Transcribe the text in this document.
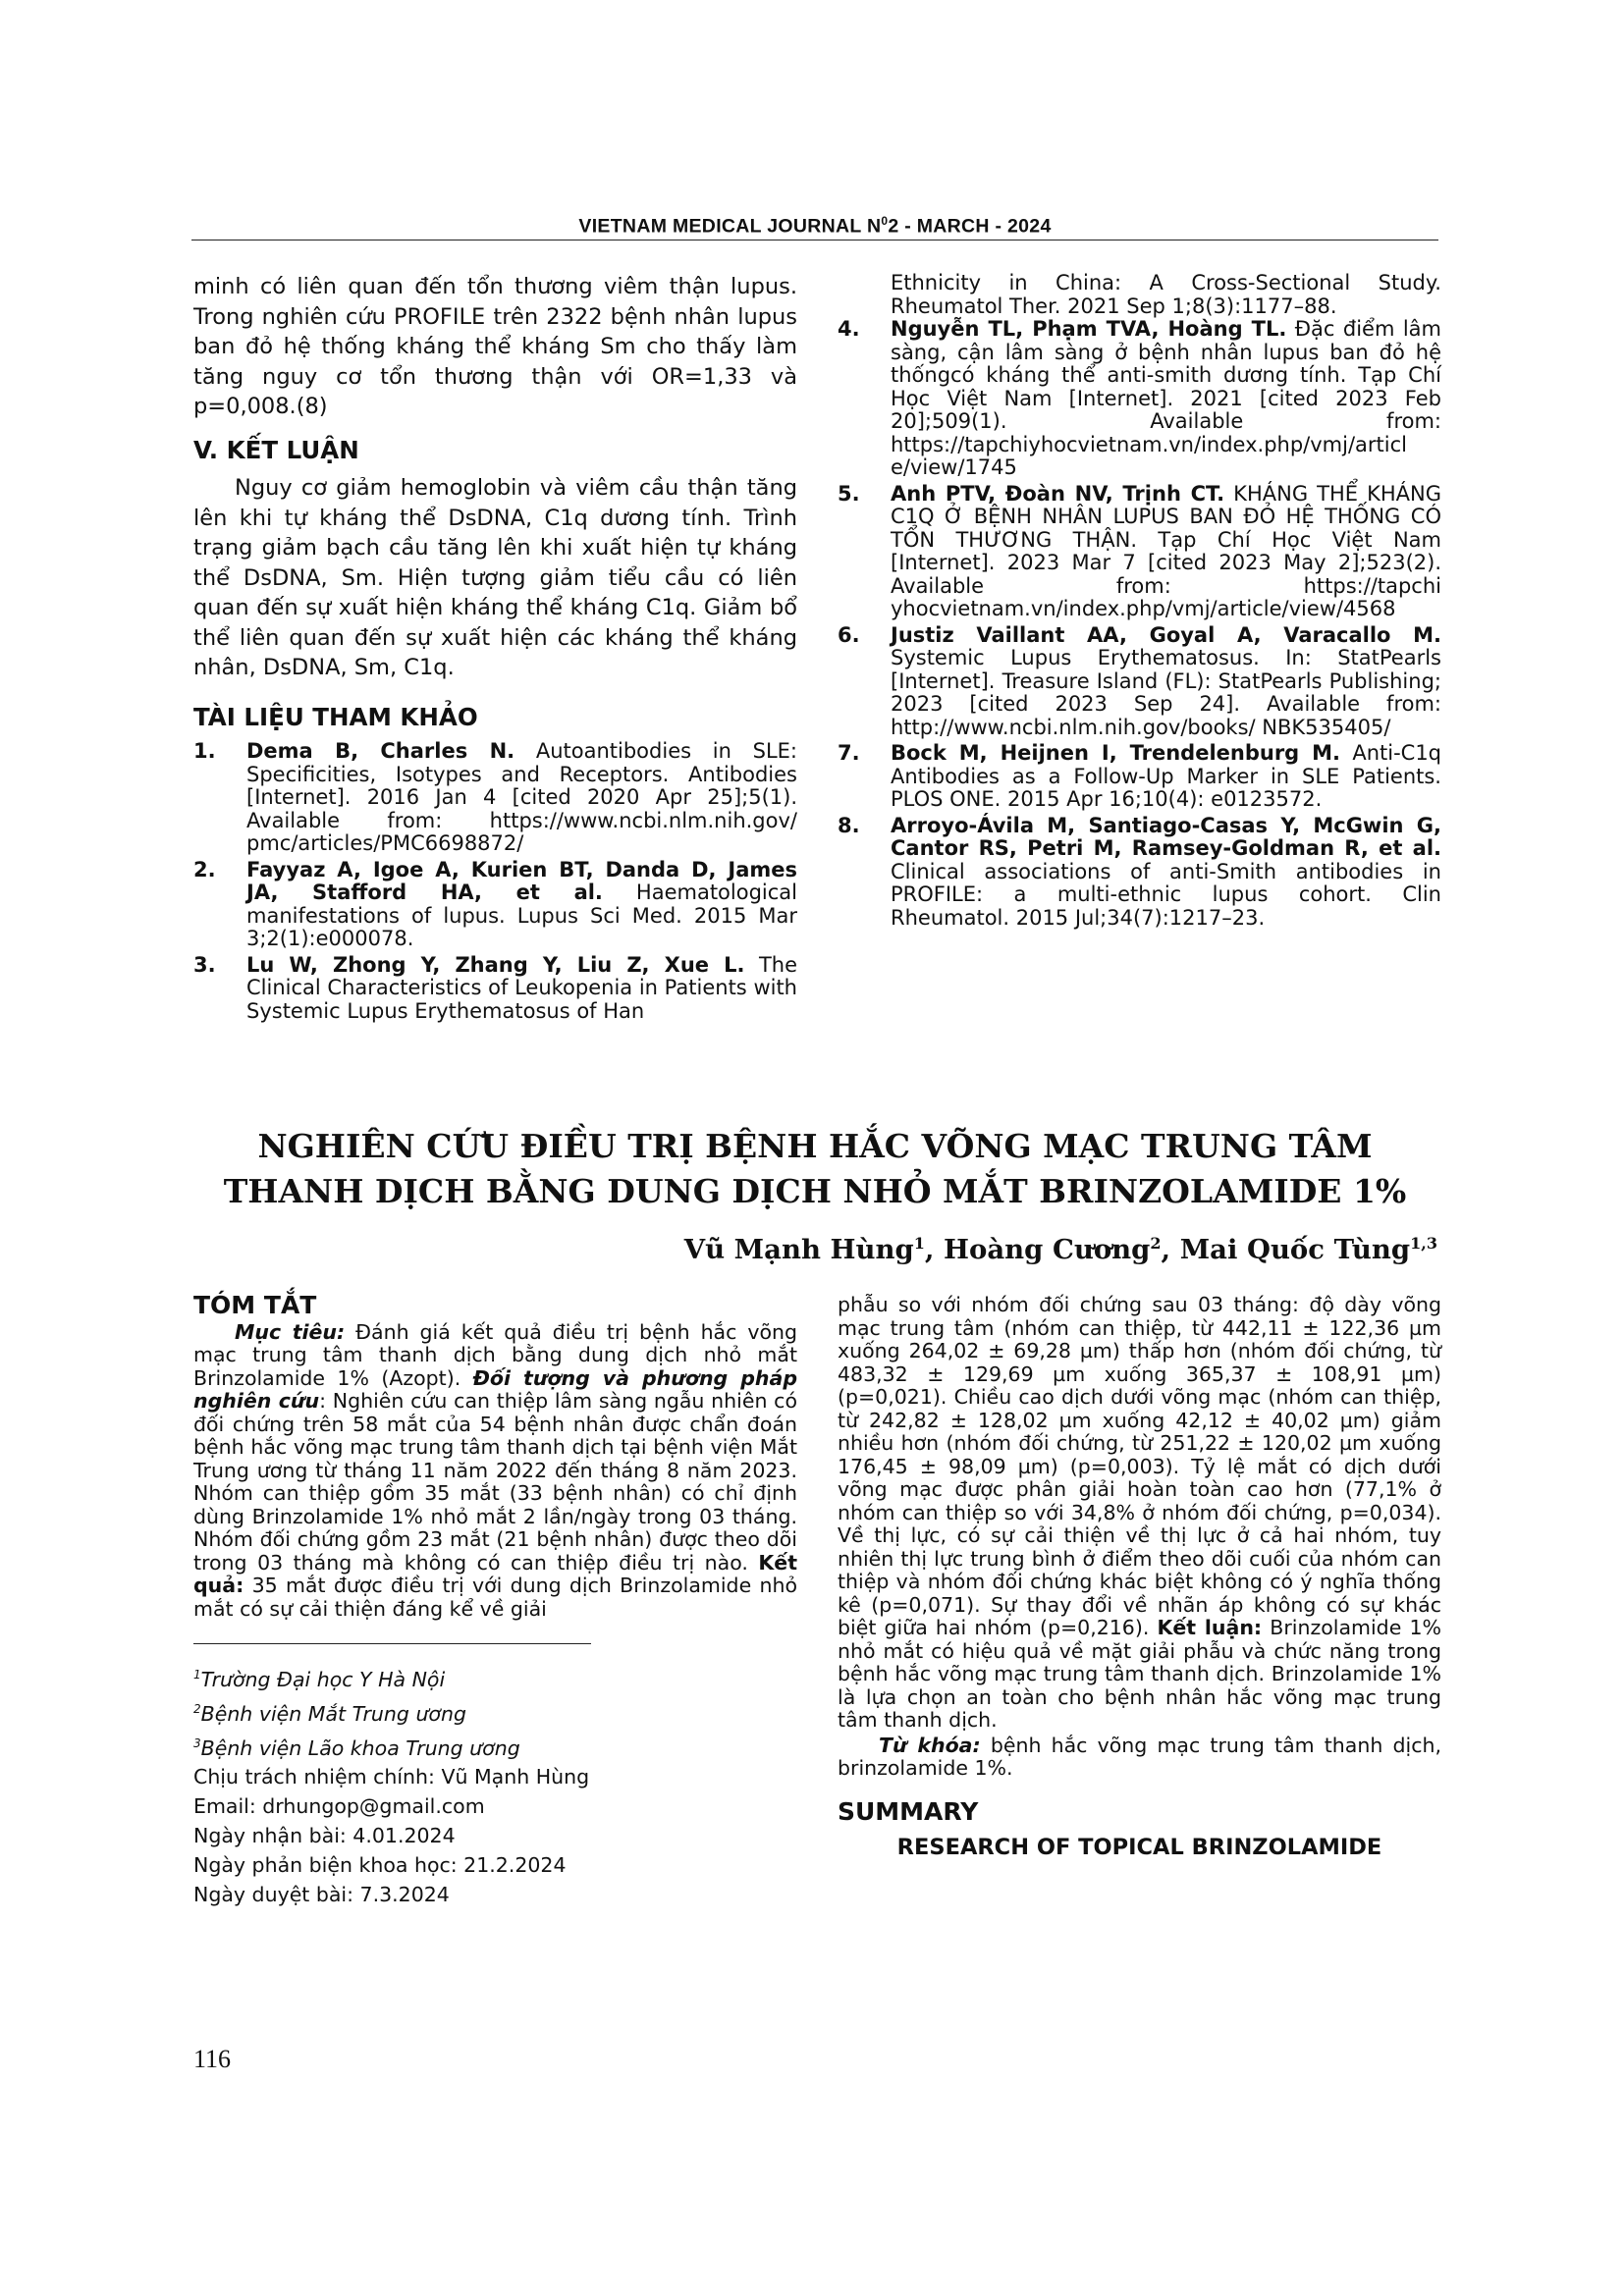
VIETNAM MEDICAL JOURNAL $N^02$ - MARCH - 2024

minh có liên quan đến tổn thương viêm thận lupus. Trong nghiên cứu PROFILE trên 2322 bệnh nhân lupus ban đỏ hệ thống kháng thể kháng Sm cho thấy làm tăng nguy cơ tổn thương thận với OR=1,33 và p=0,008.(8)

V. KẾT LUẬN

Nguy cơ giảm hemoglobin và viêm cầu thận tăng lên khi tự kháng thể DsDNA, C1q dương tính. Trình trạng giảm bạch cầu tăng lên khi xuất hiện tự kháng thể DsDNA, Sm. Hiện tượng giảm tiểu cầu có liên quan đến sự xuất hiện kháng thể kháng C1q. Giảm bổ thể liên quan đến sự xuất hiện các kháng thể kháng nhân, DsDNA, Sm, C1q.

TÀI LIỆU THAM KHẢO
1. Dema B, Charles N. Autoantibodies in SLE: Specificities, Isotypes and Receptors. Antibodies [Internet]. 2016 Jan 4 [cited 2020 Apr 25];5(1). Available from: https://www.ncbi.nlm.nih.gov/ pmc/articles/PMC6698872/
2. Fayyaz A, Igoe A, Kurien BT, Danda D, James JA, Stafford HA, et al. Haematological manifestations of lupus. Lupus Sci Med. 2015 Mar 3;2(1):e000078.
3. Lu W, Zhong Y, Zhang Y, Liu Z, Xue L. The Clinical Characteristics of Leukopenia in Patients with Systemic Lupus Erythematosus of Han
Ethnicity in China: A Cross-Sectional Study. Rheumatol Ther. 2021 Sep 1;8(3):1177–88.
4. Nguyễn TL, Phạm TVA, Hoàng TL. Đặc điểm lâm sàng, cận lâm sàng ở bệnh nhân lupus ban đỏ hệ thốngcó kháng thể anti-smith dương tính. Tạp Chí Học Việt Nam [Internet]. 2021 [cited 2023 Feb 20];509(1). Available from: https://tapchiyhocvietnam.vn/index.php/vmj/articl e/view/1745
5. Anh PTV, Đoàn NV, Trịnh CT. KHÁNG THỂ KHÁNG C1Q Ở BỆNH NHÂN LUPUS BAN ĐỎ HỆ THỐNG CÓ TỔN THƯƠNG THẬN. Tạp Chí Học Việt Nam [Internet]. 2023 Mar 7 [cited 2023 May 2];523(2). Available from: https://tapchi yhocvietnam.vn/index.php/vmj/article/view/4568
6. Justiz Vaillant AA, Goyal A, Varacallo M. Systemic Lupus Erythematosus. In: StatPearls [Internet]. Treasure Island (FL): StatPearls Publishing; 2023 [cited 2023 Sep 24]. Available from: http://www.ncbi.nlm.nih.gov/books/ NBK535405/
7. Bock M, Heijnen I, Trendelenburg M. Anti-C1q Antibodies as a Follow-Up Marker in SLE Patients. PLOS ONE. 2015 Apr 16;10(4): e0123572.
8. Arroyo-Ávila M, Santiago-Casas Y, McGwin G, Cantor RS, Petri M, Ramsey-Goldman R, et al. Clinical associations of anti-Smith antibodies in PROFILE: a multi-ethnic lupus cohort. Clin Rheumatol. 2015 Jul;34(7):1217–23.
NGHIÊN CỨU ĐIỀU TRỊ BỆNH HẮC VÕNG MẠC TRUNG TÂM
THANH DỊCH BẰNG DUNG DỊCH NHỎ MẮT BRINZOLAMIDE 1%
Vũ Mạnh Hùng$^1$, Hoàng Cương$^2$, Mai Quốc Tùng$^{1,3}$
TÓM TẮT

Mục tiêu: Đánh giá kết quả điều trị bệnh hắc võng mạc trung tâm thanh dịch bằng dung dịch nhỏ mắt Brinzolamide 1% (Azopt). Đối tượng và phương pháp nghiên cứu: Nghiên cứu can thiệp lâm sàng ngẫu nhiên có đối chứng trên 58 mắt của 54 bệnh nhân được chẩn đoán bệnh hắc võng mạc trung tâm thanh dịch tại bệnh viện Mắt Trung ương từ tháng 11 năm 2022 đến tháng 8 năm 2023. Nhóm can thiệp gồm 35 mắt (33 bệnh nhân) có chỉ định dùng Brinzolamide 1% nhỏ mắt 2 lần/ngày trong 03 tháng. Nhóm đối chứng gồm 23 mắt (21 bệnh nhân) được theo dõi trong 03 tháng mà không có can thiệp điều trị nào. Kết quả: 35 mắt được điều trị với dung dịch Brinzolamide nhỏ mắt có sự cải thiện đáng kể về giải

$^1$Trường Đại học Y Hà Nội
$^2$Bệnh viện Mắt Trung ương
$^3$Bệnh viện Lão khoa Trung ương
Chịu trách nhiệm chính: Vũ Mạnh Hùng
Email: drhungop@gmail.com
Ngày nhận bài: 4.01.2024
Ngày phản biện khoa học: 21.2.2024
Ngày duyệt bài: 7.3.2024

phẫu so với nhóm đối chứng sau 03 tháng: độ dày võng mạc trung tâm (nhóm can thiệp, từ 442,11 ± 122,36 µm xuống 264,02 ± 69,28 µm) thấp hơn (nhóm đối chứng, từ 483,32 ± 129,69 µm xuống 365,37 ± 108,91 µm) (p=0,021). Chiều cao dịch dưới võng mạc (nhóm can thiệp, từ 242,82 ± 128,02 µm xuống 42,12 ± 40,02 µm) giảm nhiều hơn (nhóm đối chứng, từ 251,22 ± 120,02 µm xuống 176,45 ± 98,09 µm) (p=0,003). Tỷ lệ mắt có dịch dưới võng mạc được phân giải hoàn toàn cao hơn (77,1% ở nhóm can thiệp so với 34,8% ở nhóm đối chứng, p=0,034). Về thị lực, có sự cải thiện về thị lực ở cả hai nhóm, tuy nhiên thị lực trung bình ở điểm theo dõi cuối của nhóm can thiệp và nhóm đối chứng khác biệt không có ý nghĩa thống kê (p=0,071). Sự thay đổi về nhãn áp không có sự khác biệt giữa hai nhóm (p=0,216). Kết luận: Brinzolamide 1% nhỏ mắt có hiệu quả về mặt giải phẫu và chức năng trong bệnh hắc võng mạc trung tâm thanh dịch. Brinzolamide 1% là lựa chọn an toàn cho bệnh nhân hắc võng mạc trung tâm thanh dịch.

Từ khóa: bệnh hắc võng mạc trung tâm thanh dịch, brinzolamide 1%.

SUMMARY
RESEARCH OF TOPICAL BRINZOLAMIDE
116
